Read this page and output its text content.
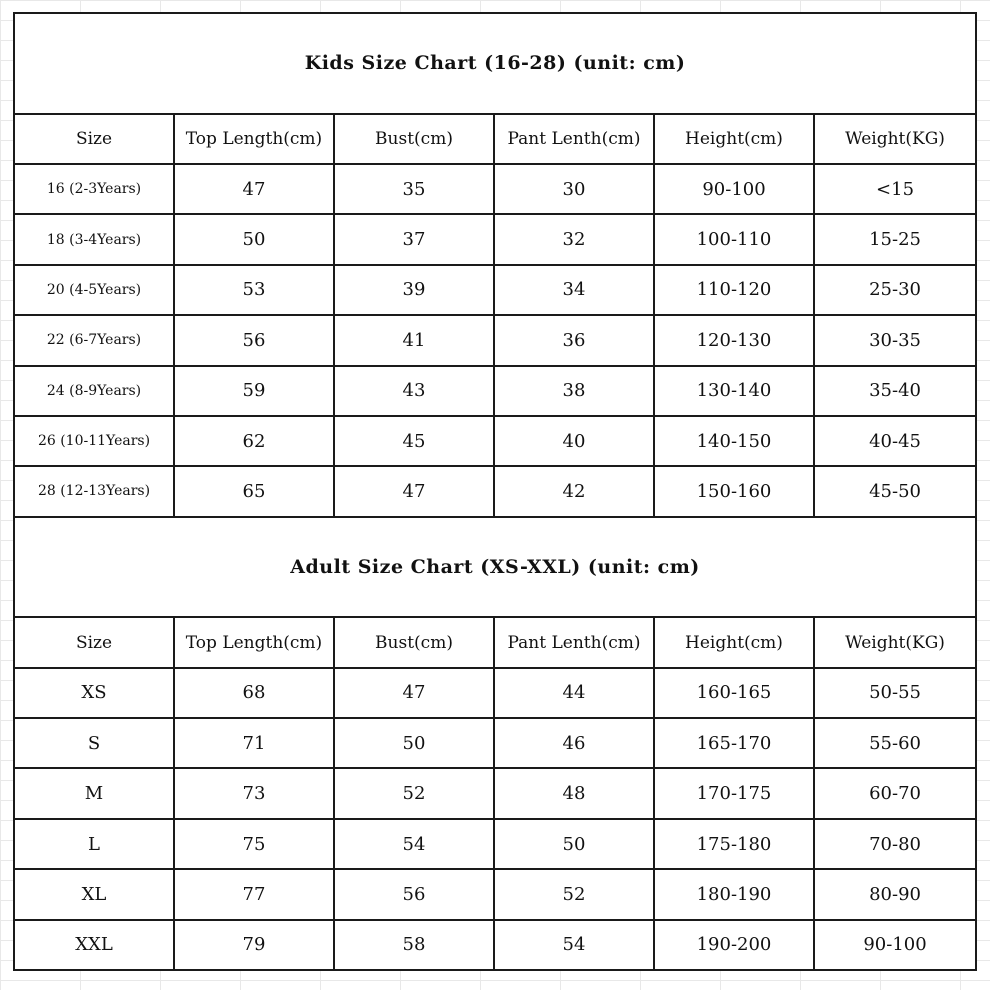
Kids Size Chart (16-28) (unit: cm)					
Size	Top Length(cm)	Bust(cm)	Pant Lenth(cm)	Height(cm)	Weight(KG)
16 (2-3Years)	47	35	30	90-100	<15
18 (3-4Years)	50	37	32	100-110	15-25
20 (4-5Years)	53	39	34	110-120	25-30
22 (6-7Years)	56	41	36	120-130	30-35
24 (8-9Years)	59	43	38	130-140	35-40
26 (10-11Years)	62	45	40	140-150	40-45
28 (12-13Years)	65	47	42	150-160	45-50
Adult Size Chart (XS-XXL) (unit: cm)					
Size	Top Length(cm)	Bust(cm)	Pant Lenth(cm)	Height(cm)	Weight(KG)
XS	68	47	44	160-165	50-55
S	71	50	46	165-170	55-60
M	73	52	48	170-175	60-70
L	75	54	50	175-180	70-80
XL	77	56	52	180-190	80-90
XXL	79	58	54	190-200	90-100
